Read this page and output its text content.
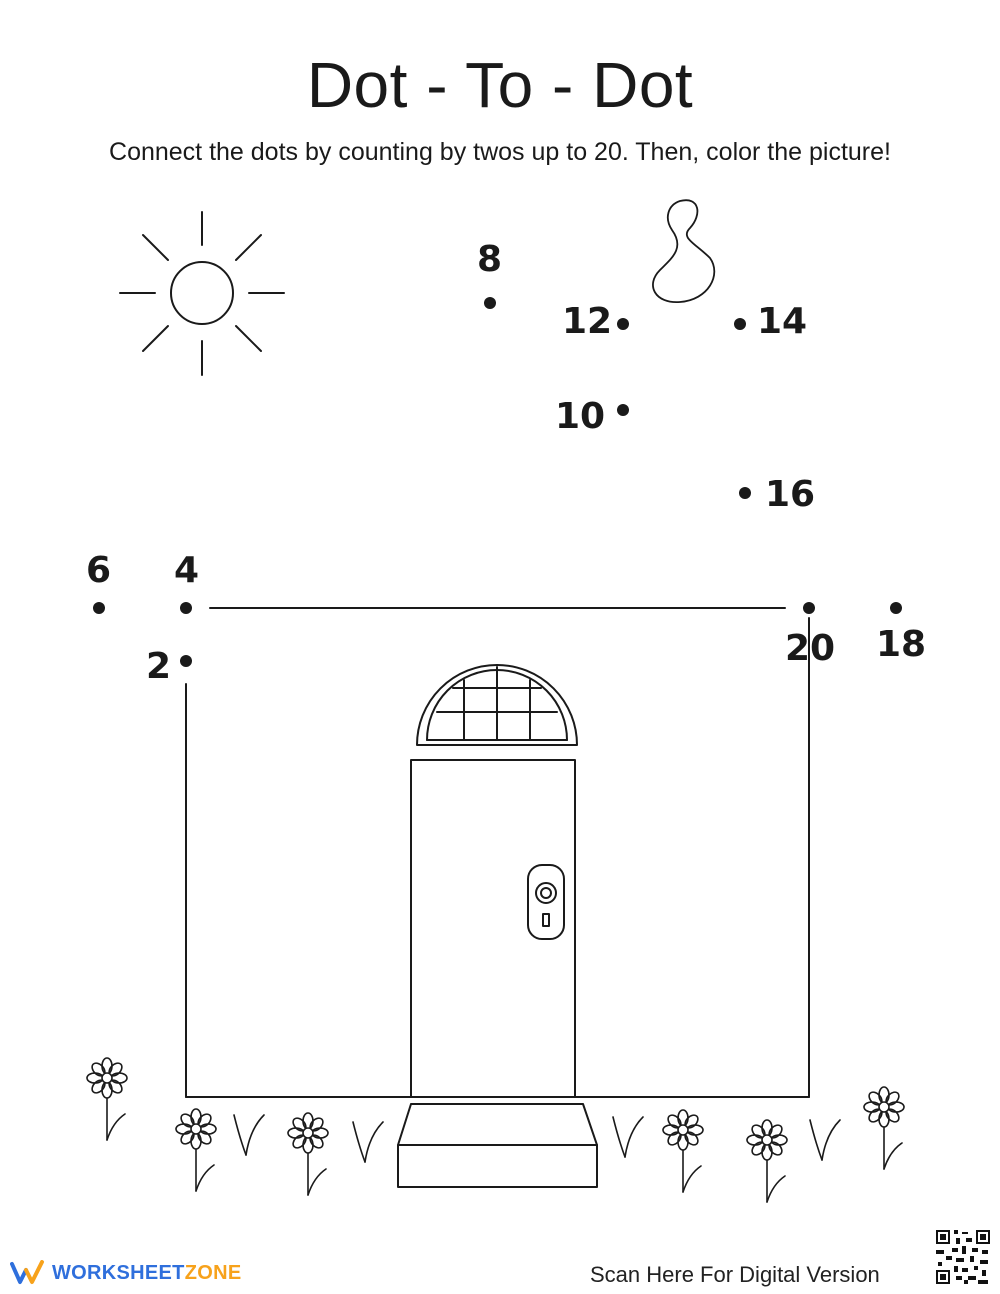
Dot - To - Dot

Connect the dots by counting by twos up to 20. Then, color the picture!

2
4
6
8
10
12	14
16
18
20
WORKSHEETZONE	Scan Here For Digital Version
